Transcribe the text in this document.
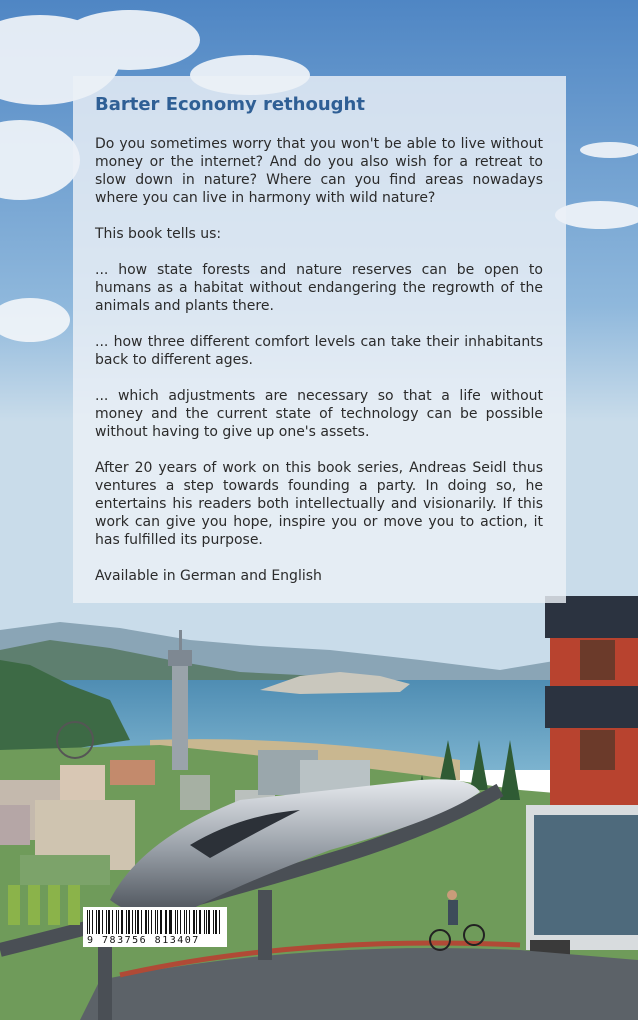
Barter Economy rethought

Do you sometimes worry that you won't be able to live without money or the internet? And do you also wish for a retreat to slow down in nature? Where can you find areas nowadays where you can live in harmony with wild nature?

This book tells us:

... how state forests and nature reserves can be open to humans as a habitat without endangering the regrowth of the animals and plants there.

... how three different comfort levels can take their inhabitants back to different ages.

... which adjustments are necessary so that a life without money and the current state of technology can be possible without having to give up one's assets.

After 20 years of work on this book series, Andreas Seidl thus ventures a step towards founding a party. In doing so, he entertains his readers both intellectually and visionarily. If this work can give you hope, inspire you or move you to action, it has fulfilled its purpose.

Available in German and English

9 783756 813407
